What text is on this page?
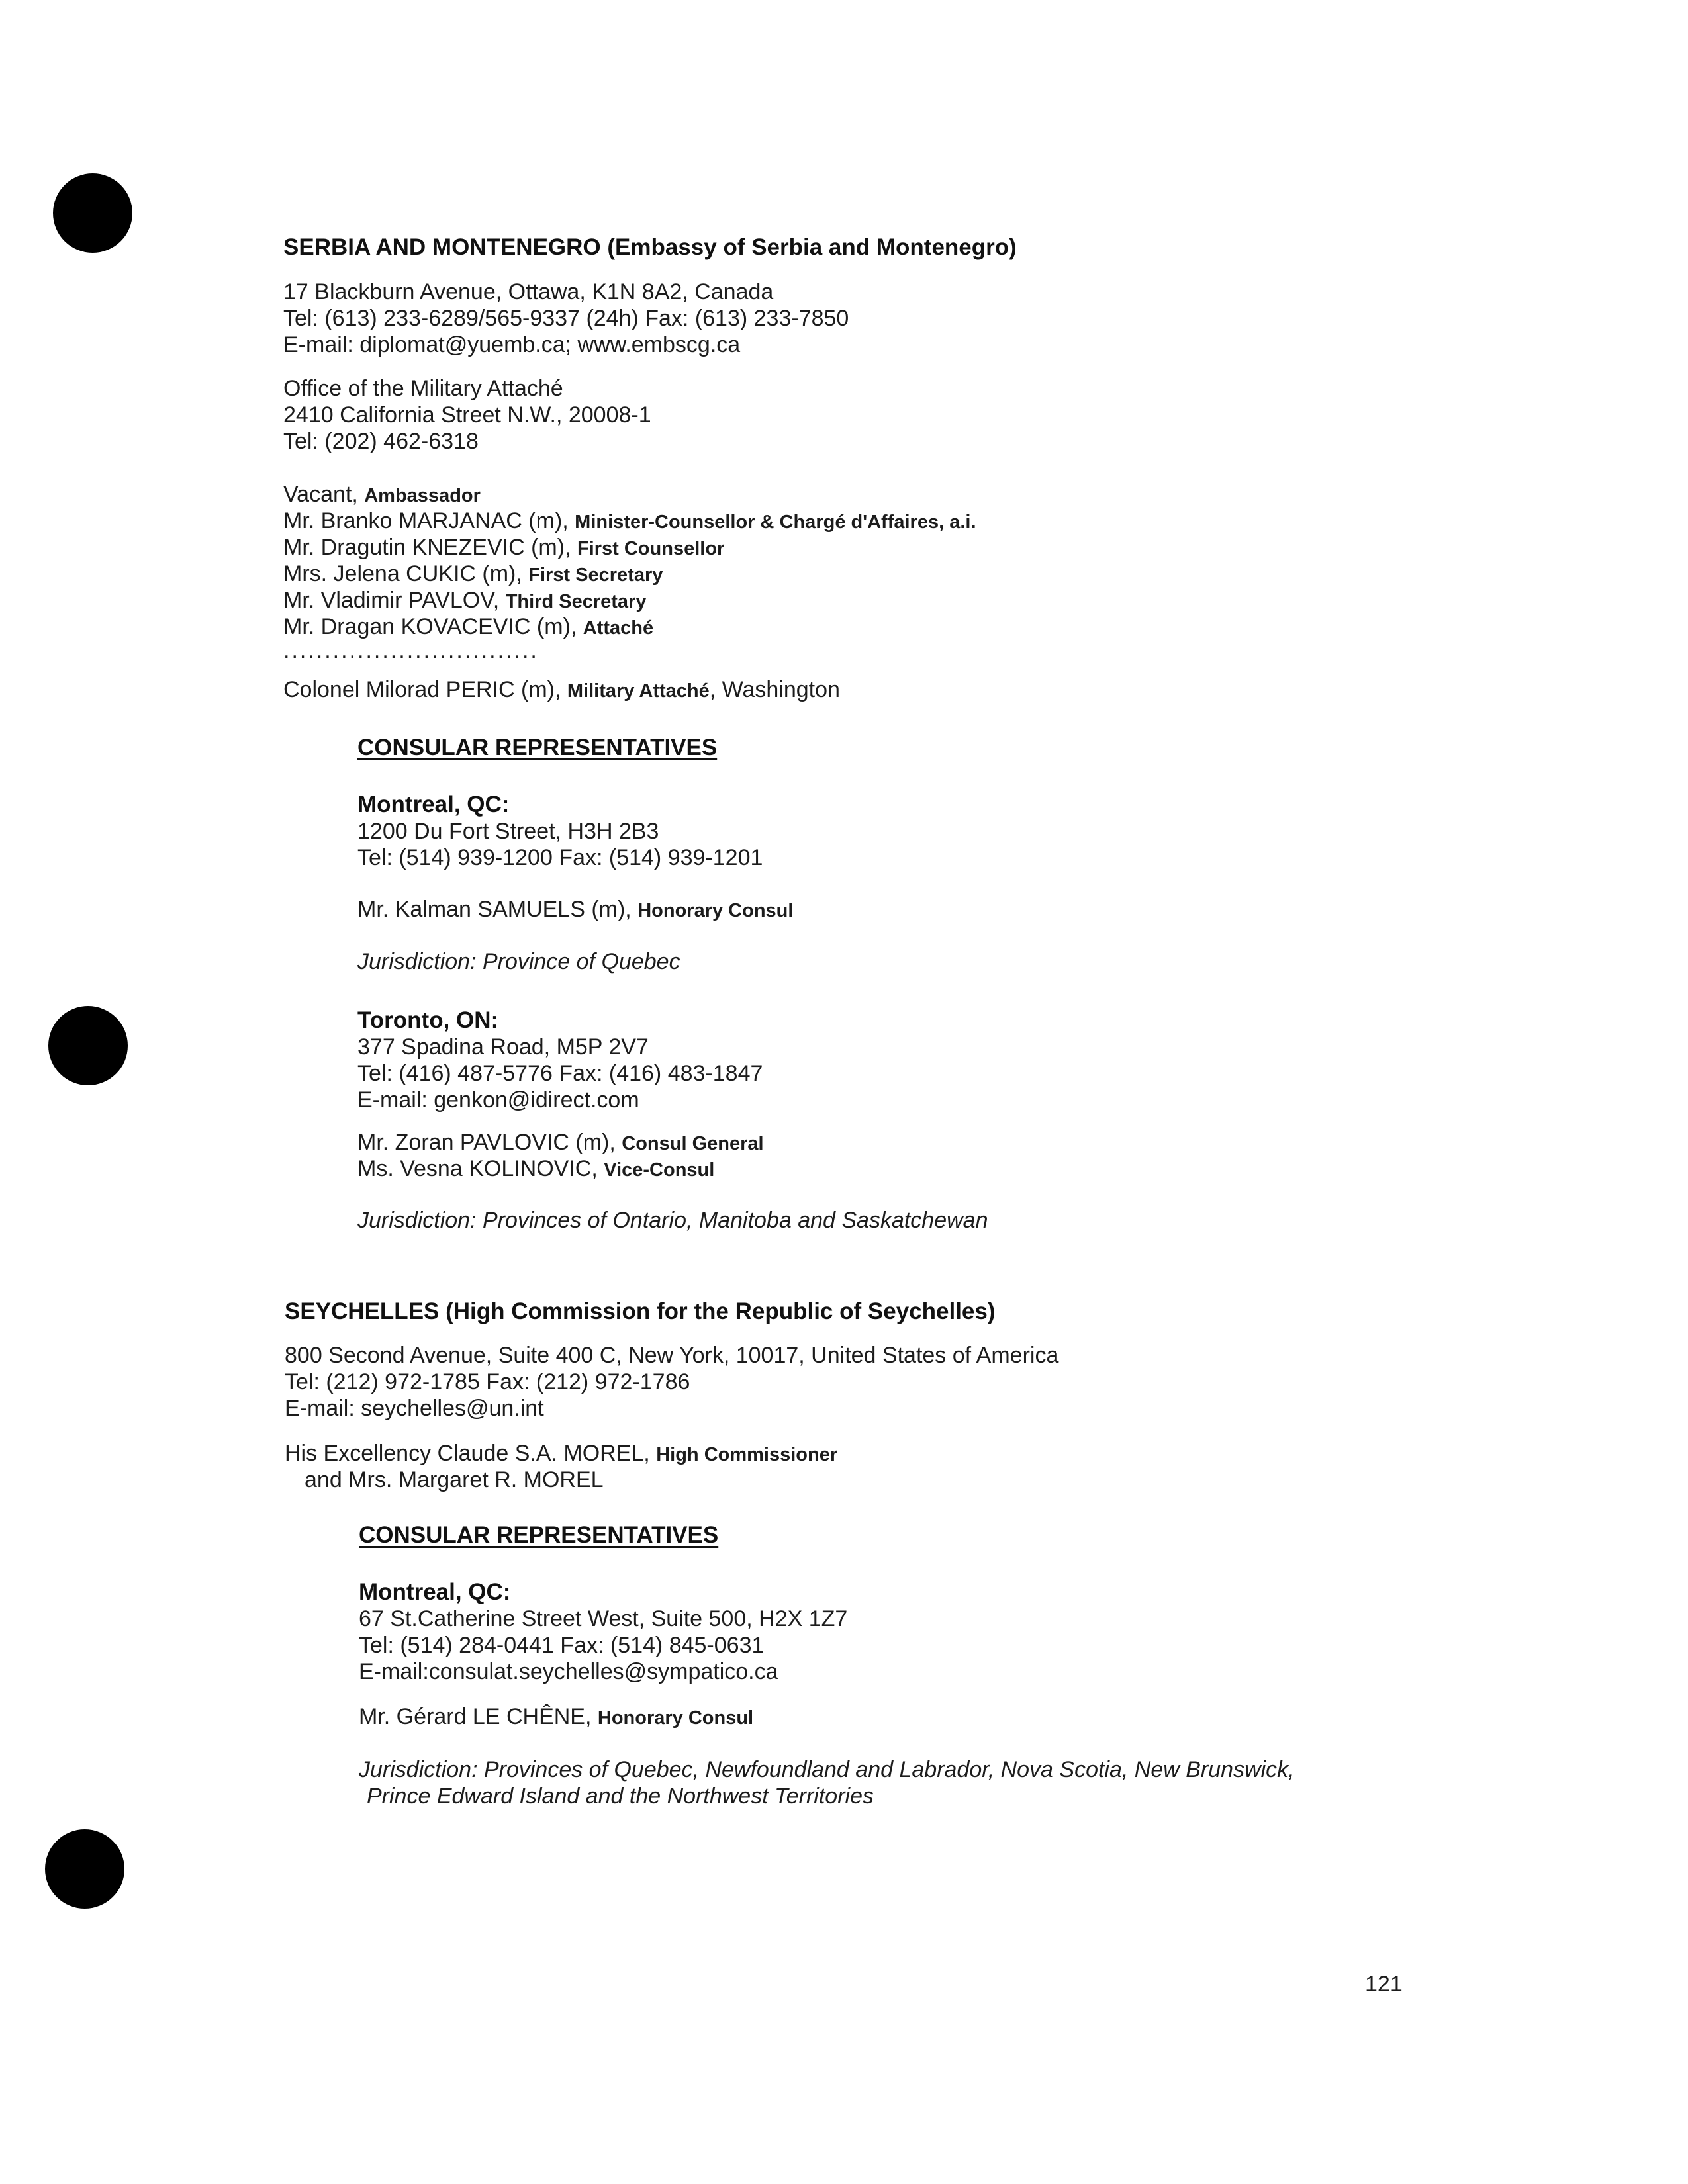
SERBIA AND MONTENEGRO (Embassy of Serbia and Montenegro)
17 Blackburn Avenue, Ottawa, K1N 8A2, Canada
Tel: (613) 233-6289/565-9337 (24h) Fax: (613) 233-7850
E-mail: diplomat@yuemb.ca; www.embscg.ca
Office of the Military Attaché
2410 California Street N.W., 20008-1
Tel: (202) 462-6318
Vacant, Ambassador
Mr. Branko MARJANAC (m), Minister-Counsellor & Chargé d'Affaires, a.i.
Mr. Dragutin KNEZEVIC (m), First Counsellor
Mrs. Jelena CUKIC (m), First Secretary
Mr. Vladimir PAVLOV, Third Secretary
Mr. Dragan KOVACEVIC (m), Attaché
...............................
Colonel Milorad PERIC (m), Military Attaché, Washington
CONSULAR REPRESENTATIVES
Montreal, QC:
1200 Du Fort Street, H3H 2B3
Tel: (514) 939-1200 Fax: (514) 939-1201
Mr. Kalman SAMUELS (m), Honorary Consul
Jurisdiction: Province of Quebec
Toronto, ON:
377 Spadina Road, M5P 2V7
Tel: (416) 487-5776 Fax: (416) 483-1847
E-mail: genkon@idirect.com
Mr. Zoran PAVLOVIC (m), Consul General
Ms. Vesna KOLINOVIC, Vice-Consul
Jurisdiction: Provinces of Ontario, Manitoba and Saskatchewan
SEYCHELLES (High Commission for the Republic of Seychelles)
800 Second Avenue, Suite 400 C, New York, 10017, United States of America
Tel: (212) 972-1785 Fax: (212) 972-1786
E-mail: seychelles@un.int
His Excellency Claude S.A. MOREL, High Commissioner
and Mrs. Margaret R. MOREL
CONSULAR REPRESENTATIVES
Montreal, QC:
67 St.Catherine Street West, Suite 500, H2X 1Z7
Tel: (514) 284-0441 Fax: (514) 845-0631
E-mail:consulat.seychelles@sympatico.ca
Mr. Gérard LE CHÊNE, Honorary Consul
Jurisdiction: Provinces of Quebec, Newfoundland and Labrador, Nova Scotia, New Brunswick,
Prince Edward Island and the Northwest Territories
121
